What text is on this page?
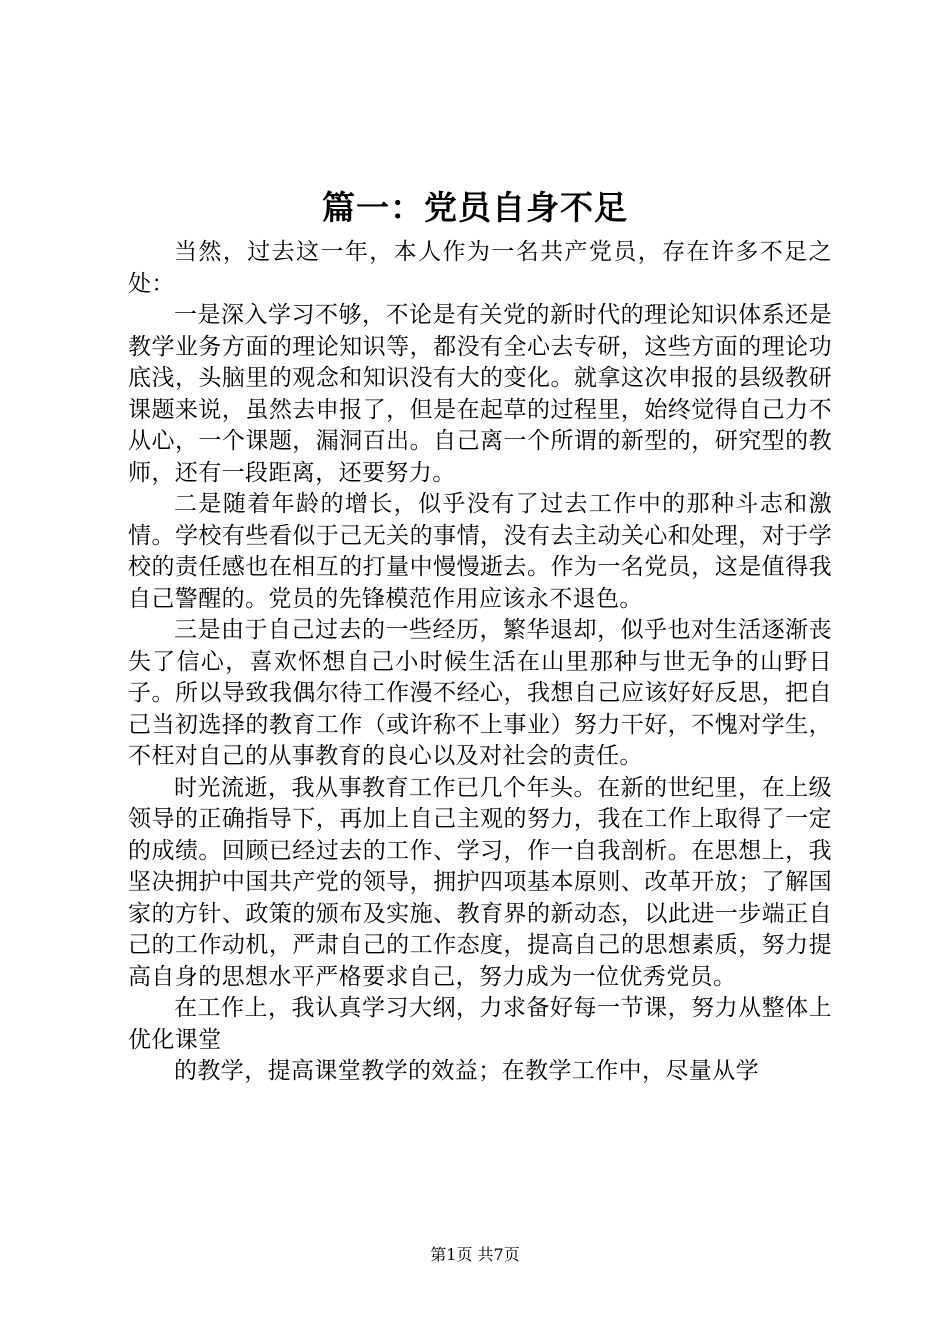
篇一：党员自身不足

当然，过去这一年，本人作为一名共产党员，存在许多不足之处：

一是深入学习不够，不论是有关党的新时代的理论知识体系还是教学业务方面的理论知识等，都没有全心去专研，这些方面的理论功底浅，头脑里的观念和知识没有大的变化。就拿这次申报的县级教研课题来说，虽然去申报了，但是在起草的过程里，始终觉得自己力不从心，一个课题，漏洞百出。自己离一个所谓的新型的，研究型的教师，还有一段距离，还要努力。

二是随着年龄的增长，似乎没有了过去工作中的那种斗志和激情。学校有些看似于己无关的事情，没有去主动关心和处理，对于学校的责任感也在相互的打量中慢慢逝去。作为一名党员，这是值得我自己警醒的。党员的先锋模范作用应该永不退色。

三是由于自己过去的一些经历，繁华退却，似乎也对生活逐渐丧失了信心，喜欢怀想自己小时候生活在山里那种与世无争的山野日子。所以导致我偶尔待工作漫不经心，我想自己应该好好反思，把自己当初选择的教育工作（或许称不上事业）努力干好，不愧对学生，不枉对自己的从事教育的良心以及对社会的责任。

时光流逝，我从事教育工作已几个年头。在新的世纪里，在上级领导的正确指导下，再加上自己主观的努力，我在工作上取得了一定的成绩。回顾已经过去的工作、学习，作一自我剖析。在思想上，我坚决拥护中国共产党的领导，拥护四项基本原则、改革开放；了解国家的方针、政策的颁布及实施、教育界的新动态，以此进一步端正自己的工作动机，严肃自己的工作态度，提高自己的思想素质，努力提高自身的思想水平严格要求自己，努力成为一位优秀党员。

在工作上，我认真学习大纲，力求备好每一节课，努力从整体上优化课堂

的教学，提高课堂教学的效益；在教学工作中，尽量从学

第1页 共7页
